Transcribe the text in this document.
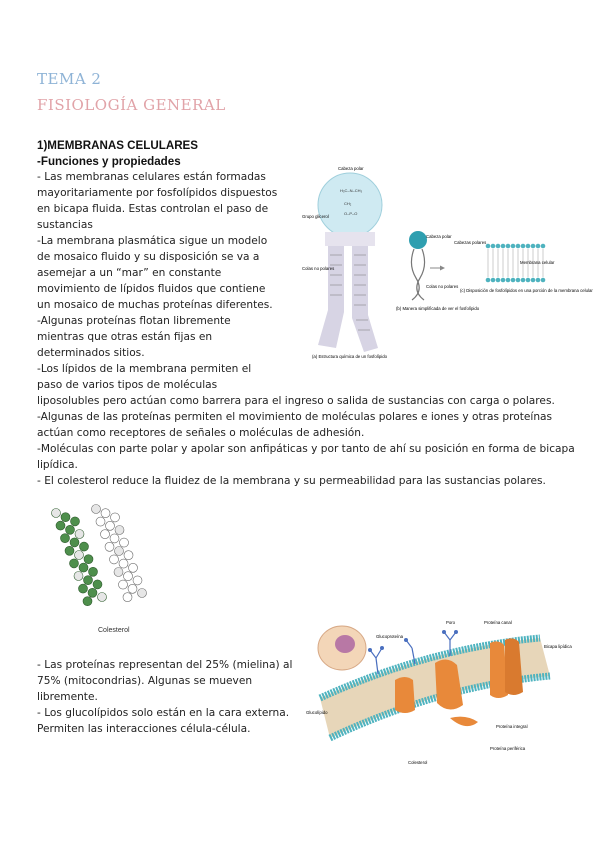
TEMA 2
FISIOLOGÍA GENERAL
1)MEMBRANAS CELULARES
-Funciones y propiedades
- Las membranas celulares están formadas
mayoritariamente por fosfolípidos dispuestos
en bicapa fluida. Estas controlan el paso de
sustancias
-La membrana plasmática sigue un modelo
de mosaico fluido y su disposición se va a
asemejar a un “mar” en constante
movimiento de lípidos fluidos que contiene
un mosaico de muchas proteínas diferentes.
-Algunas proteínas flotan libremente
mientras que otras están fijas en
determinados sitios.
-Los lípidos de la membrana permiten el
paso de varios tipos de moléculas
liposolubles pero actúan como barrera para el ingreso o salida de sustancias con carga o polares.
-Algunas de las proteínas permiten el movimiento de moléculas polares e iones y otras proteínas
actúan como receptores de señales o moléculas de adhesión.
-Moléculas con parte polar y apolar son anfipáticas y por tanto de ahí su posición en forma de bicapa
lipídica.
- El colesterol reduce la fluidez de la membrana y su permeabilidad para las sustancias polares.
- Las proteínas representan del 25% (mielina) al
75% (mitocondrias). Algunas se mueven
libremente.
- Los glucolípidos solo están en la cara externa.
Permiten las interacciones célula-célula.
H₃C–N–CH₃
CH₂
O–P–O
Cabeza polar
Grupo glicerol
Colas no polares
(a) Estructura química de un fosfolípido
Cabeza polar
Colas no polares
(b) Manera simplificada de ver el fosfolípido
Cabezas polares
Membrana celular
(c) Disposición de fosfolípidos en una porción de la membrana celular
Colesterol
Proteína canal
Glucoproteína
Bicapa lipídica
Proteína integral
Proteína periférica
Colesterol
Glucolípido
Poro
